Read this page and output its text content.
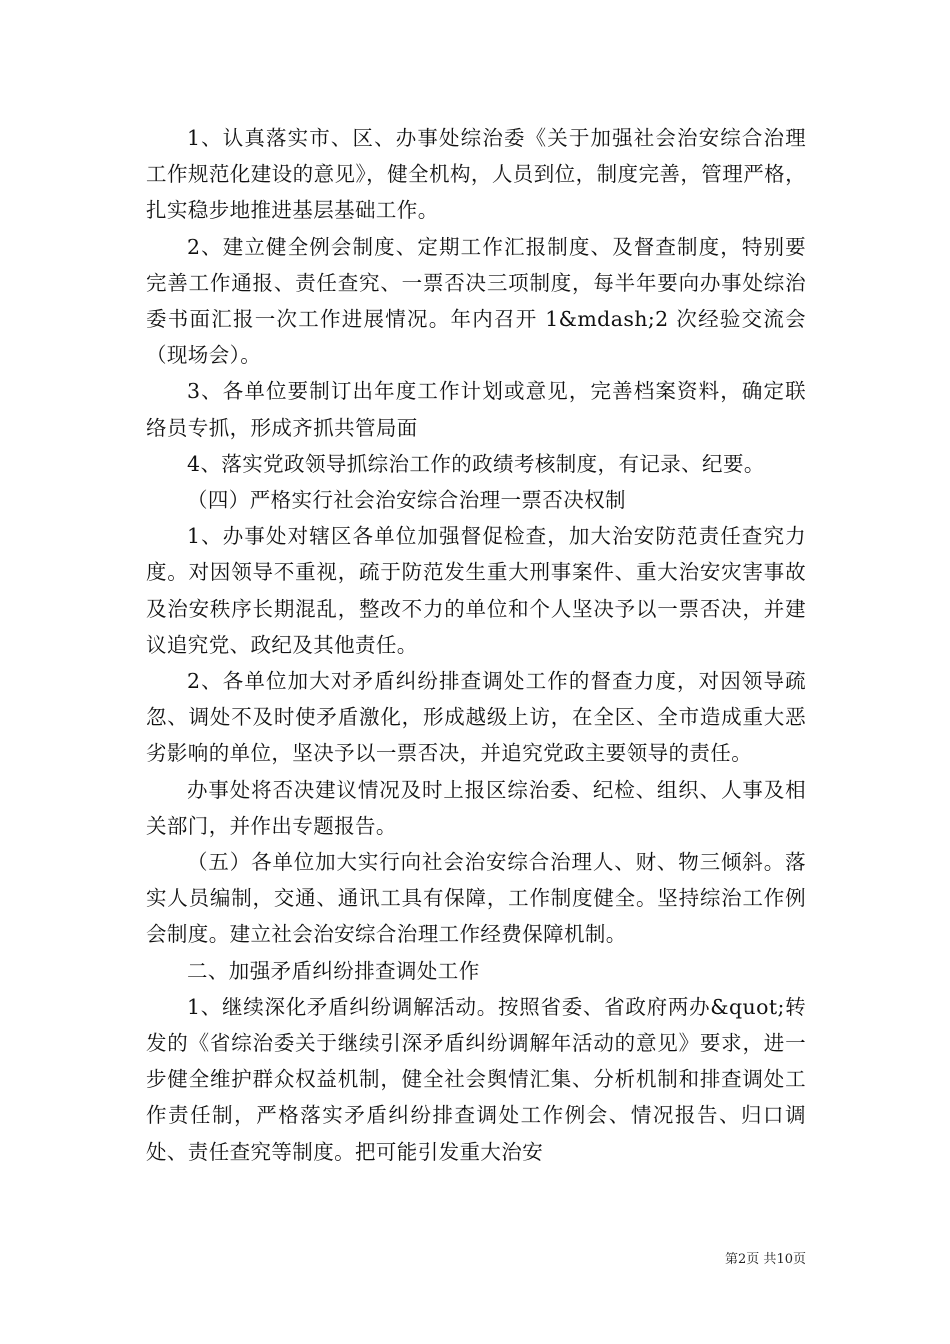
1、认真落实市、区、办事处综治委《关于加强社会治安综合治理工作规范化建设的意见》，健全机构，人员到位，制度完善，管理严格，扎实稳步地推进基层基础工作。

2、建立健全例会制度、定期工作汇报制度、及督查制度，特别要完善工作通报、责任查究、一票否决三项制度，每半年要向办事处综治委书面汇报一次工作进展情况。年内召开 1&mdash;2 次经验交流会（现场会）。

3、各单位要制订出年度工作计划或意见，完善档案资料，确定联络员专抓，形成齐抓共管局面

4、落实党政领导抓综治工作的政绩考核制度，有记录、纪要。

（四）严格实行社会治安综合治理一票否决权制

1、办事处对辖区各单位加强督促检查，加大治安防范责任查究力度。对因领导不重视，疏于防范发生重大刑事案件、重大治安灾害事故及治安秩序长期混乱，整改不力的单位和个人坚决予以一票否决，并建议追究党、政纪及其他责任。

2、各单位加大对矛盾纠纷排查调处工作的督查力度，对因领导疏忽、调处不及时使矛盾激化，形成越级上访，在全区、全市造成重大恶劣影响的单位，坚决予以一票否决，并追究党政主要领导的责任。

办事处将否决建议情况及时上报区综治委、纪检、组织、人事及相关部门，并作出专题报告。

（五）各单位加大实行向社会治安综合治理人、财、物三倾斜。落实人员编制，交通、通讯工具有保障，工作制度健全。坚持综治工作例会制度。建立社会治安综合治理工作经费保障机制。

二、加强矛盾纠纷排查调处工作

1、继续深化矛盾纠纷调解活动。按照省委、省政府两办&quot;转发的《省综治委关于继续引深矛盾纠纷调解年活动的意见》要求，进一步健全维护群众权益机制，健全社会舆情汇集、分析机制和排查调处工作责任制，严格落实矛盾纠纷排查调处工作例会、情况报告、归口调处、责任查究等制度。把可能引发重大治安

第2页 共10页
